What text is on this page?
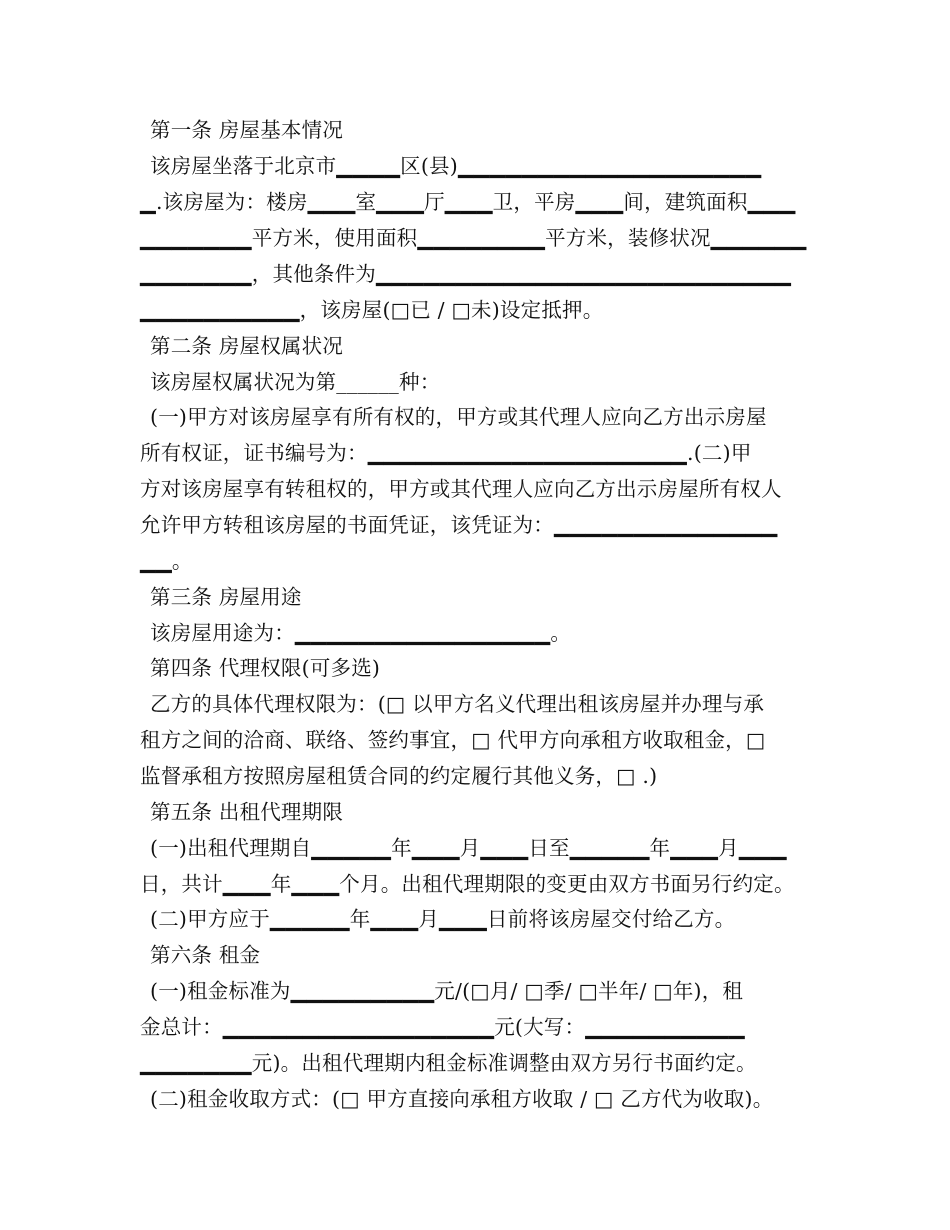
第一条 房屋基本情况
该房屋坐落于北京市▁▁▁▁区(县)▁▁▁▁▁▁▁▁▁▁▁▁▁▁▁▁▁▁▁
▁.该房屋为：楼房▁▁▁室▁▁▁厅▁▁▁卫，平房▁▁▁间，建筑面积▁▁▁
▁▁▁▁▁▁▁平方米，使用面积▁▁▁▁▁▁▁▁平方米，装修状况▁▁▁▁▁▁
▁▁▁▁▁▁▁，其他条件为▁▁▁▁▁▁▁▁▁▁▁▁▁▁▁▁▁▁▁▁▁▁▁▁▁▁
▁▁▁▁▁▁▁▁▁▁，该房屋(□已 / □未)设定抵押。
第二条 房屋权属状况
该房屋权属状况为第______种：
(一)甲方对该房屋享有所有权的，甲方或其代理人应向乙方出示房屋
所有权证，证书编号为：▁▁▁▁▁▁▁▁▁▁▁▁▁▁▁▁▁▁▁▁.(二)甲
方对该房屋享有转租权的，甲方或其代理人应向乙方出示房屋所有权人
允许甲方转租该房屋的书面凭证，该凭证为：▁▁▁▁▁▁▁▁▁▁▁▁▁▁
▁▁。
第三条 房屋用途
该房屋用途为：▁▁▁▁▁▁▁▁▁▁▁▁▁▁▁▁。
第四条 代理权限(可多选)
乙方的具体代理权限为：(□ 以甲方名义代理出租该房屋并办理与承
租方之间的洽商、联络、签约事宜，□ 代甲方向承租方收取租金，□
监督承租方按照房屋租赁合同的约定履行其他义务，□ .)
第五条 出租代理期限
(一)出租代理期自▁▁▁▁▁年▁▁▁月▁▁▁日至▁▁▁▁▁年▁▁▁月▁▁▁
日，共计▁▁▁年▁▁▁个月。出租代理期限的变更由双方书面另行约定。
(二)甲方应于▁▁▁▁▁年▁▁▁月▁▁▁日前将该房屋交付给乙方。
第六条 租金
(一)租金标准为▁▁▁▁▁▁▁▁▁元/(□月/ □季/ □半年/ □年)，租
金总计：▁▁▁▁▁▁▁▁▁▁▁▁▁▁▁▁▁元(大写：▁▁▁▁▁▁▁▁▁▁
▁▁▁▁▁▁▁元)。出租代理期内租金标准调整由双方另行书面约定。
(二)租金收取方式：(□ 甲方直接向承租方收取 / □ 乙方代为收取)。
